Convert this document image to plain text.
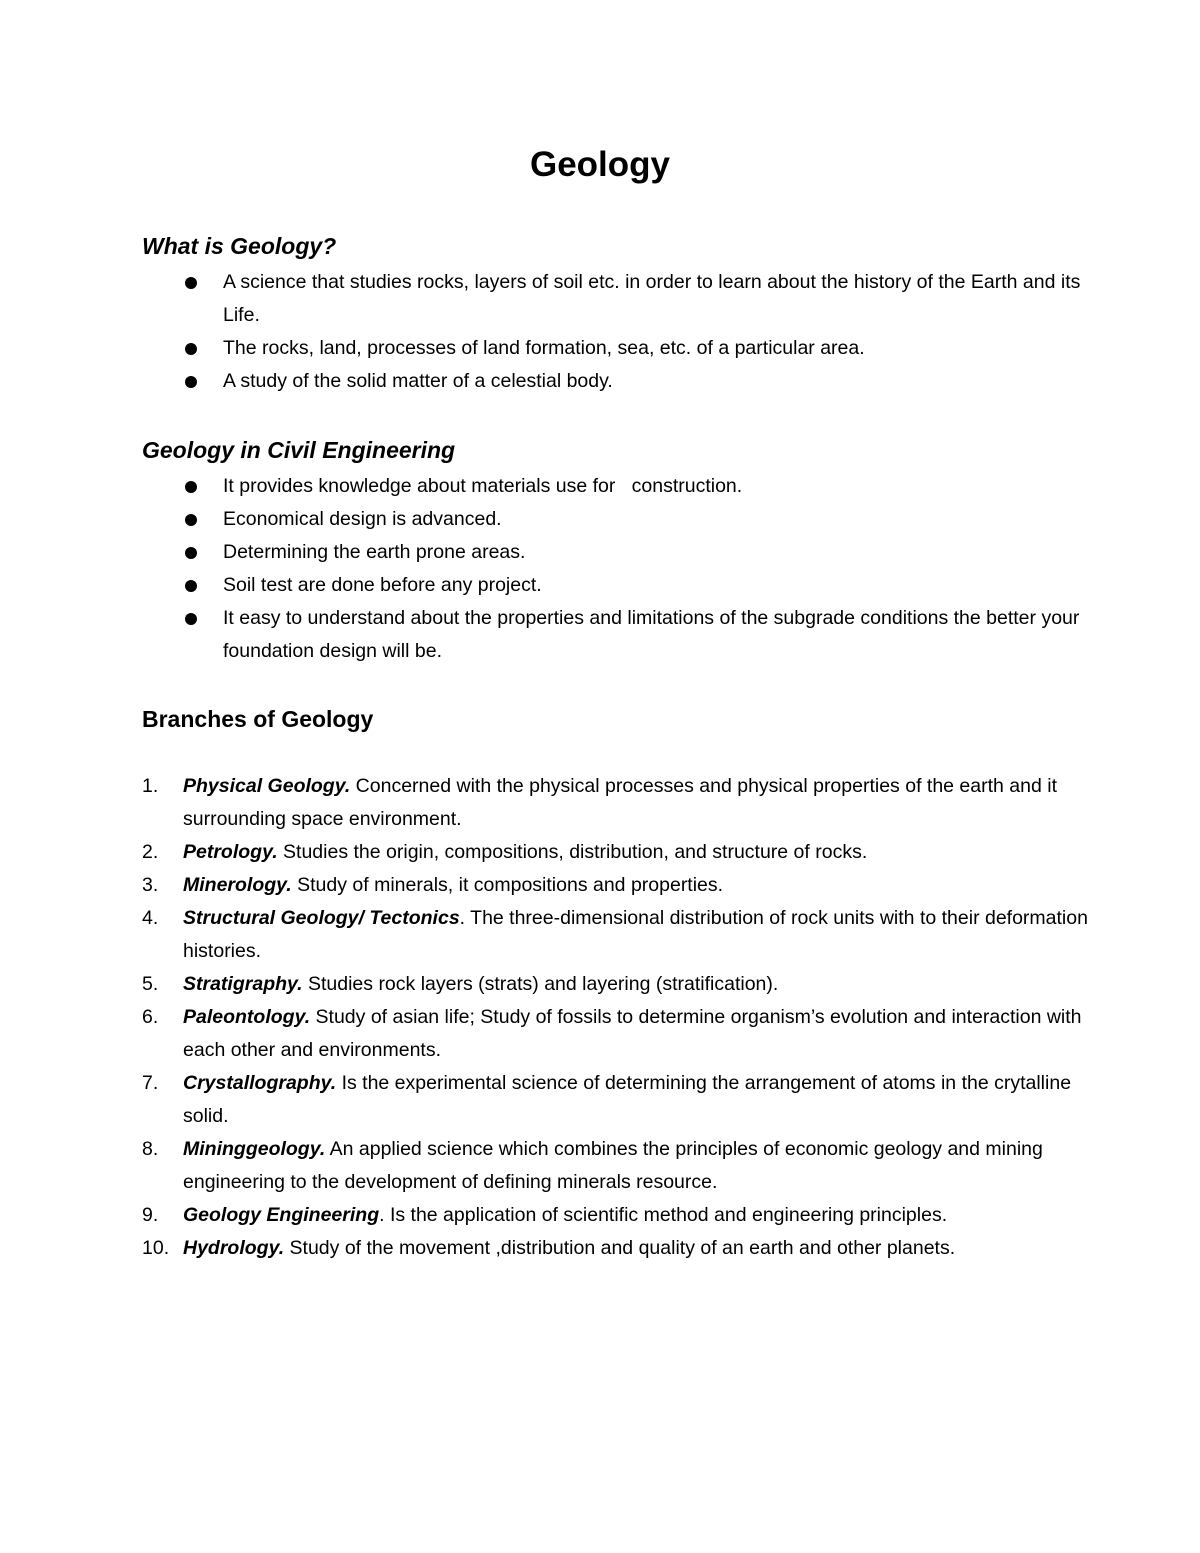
Geology
What is Geology?
A science that studies rocks, layers of soil etc. in order to learn about the history of the Earth and its Life.
The rocks, land, processes of land formation, sea, etc. of a particular area.
A study of the solid matter of a celestial body.
Geology in Civil Engineering
It provides knowledge about materials use for   construction.
Economical design is advanced.
Determining the earth prone areas.
Soil test are done before any project.
It easy to understand about the properties and limitations of the subgrade conditions the better your foundation design will be.
Branches of Geology
1. Physical Geology. Concerned with the physical processes and physical properties of the earth and it surrounding space environment.
2. Petrology. Studies the origin, compositions, distribution, and structure of rocks.
3. Minerology. Study of minerals, it compositions and properties.
4. Structural Geology/ Tectonics. The three-dimensional distribution of rock units with to their deformation histories.
5. Stratigraphy. Studies rock layers (strats) and layering (stratification).
6. Paleontology. Study of asian life; Study of fossils to determine organism’s evolution and interaction with each other and environments.
7. Crystallography. Is the experimental science of determining the arrangement of atoms in the crytalline solid.
8. Mininggeology. An applied science which combines the principles of economic geology and mining engineering to the development of defining minerals resource.
9. Geology Engineering. Is the application of scientific method and engineering principles.
10. Hydrology. Study of the movement ,distribution and quality of an earth and other planets.
